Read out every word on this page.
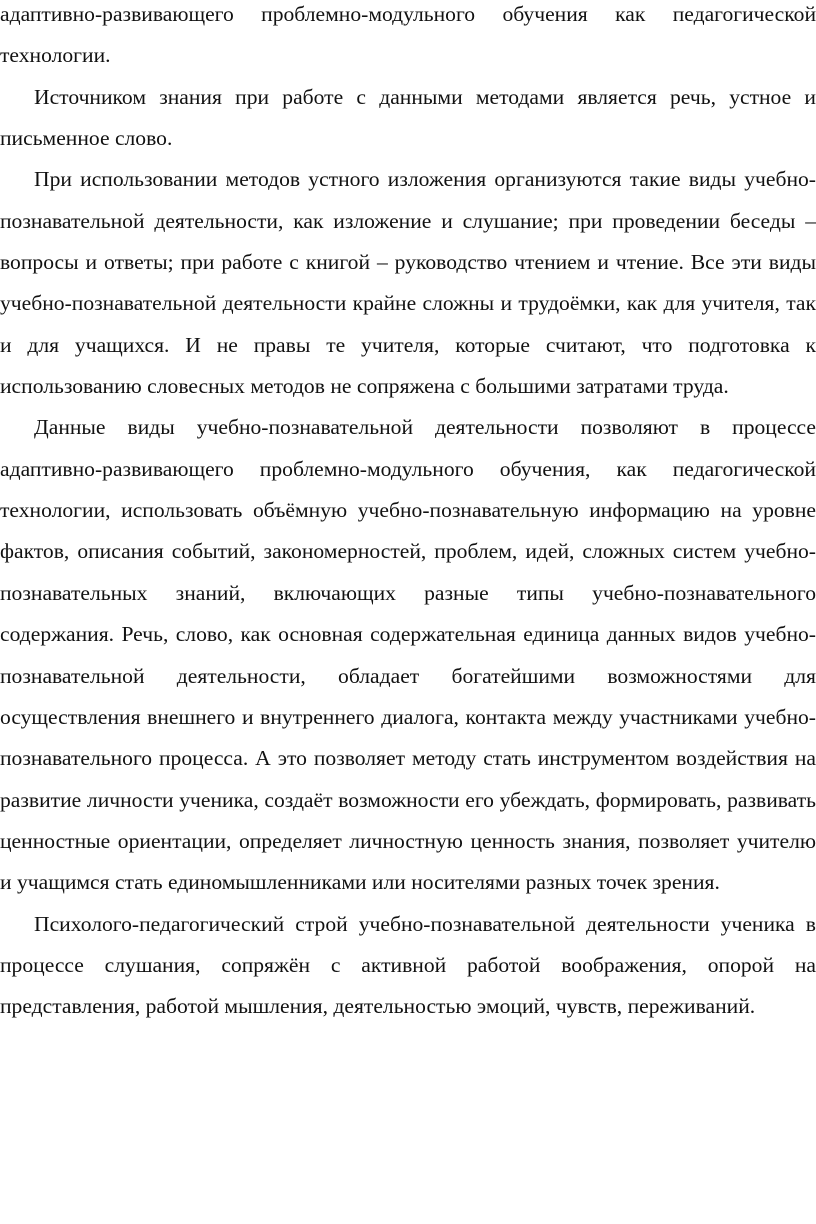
адаптивно-развивающего проблемно-модульного обучения как педагогической технологии.

Источником знания при работе с данными методами является речь, устное и письменное слово.

При использовании методов устного изложения организуются такие виды учебно-познавательной деятельности, как изложение и слушание; при проведении беседы – вопросы и ответы; при работе с книгой – руководство чтением и чтение. Все эти виды учебно-познавательной деятельности крайне сложны и трудоёмки, как для учителя, так и для учащихся. И не правы те учителя, которые считают, что подготовка к использованию словесных методов не сопряжена с большими затратами труда.

Данные виды учебно-познавательной деятельности позволяют в процессе адаптивно-развивающего проблемно-модульного обучения, как педагогической технологии, использовать объёмную учебно-познавательную информацию на уровне фактов, описания событий, закономерностей, проблем, идей, сложных систем учебно-познавательных знаний, включающих разные типы учебно-познавательного содержания. Речь, слово, как основная содержательная единица данных видов учебно-познавательной деятельности, обладает богатейшими возможностями для осуществления внешнего и внутреннего диалога, контакта между участниками учебно-познавательного процесса. А это позволяет методу стать инструментом воздействия на развитие личности ученика, создаёт возможности его убеждать, формировать, развивать ценностные ориентации, определяет личностную ценность знания, позволяет учителю и учащимся стать единомышленниками или носителями разных точек зрения.

Психолого-педагогический строй учебно-познавательной деятельности ученика в процессе слушания, сопряжён с активной работой воображения, опорой на представления, работой мышления, деятельностью эмоций, чувств, переживаний.
